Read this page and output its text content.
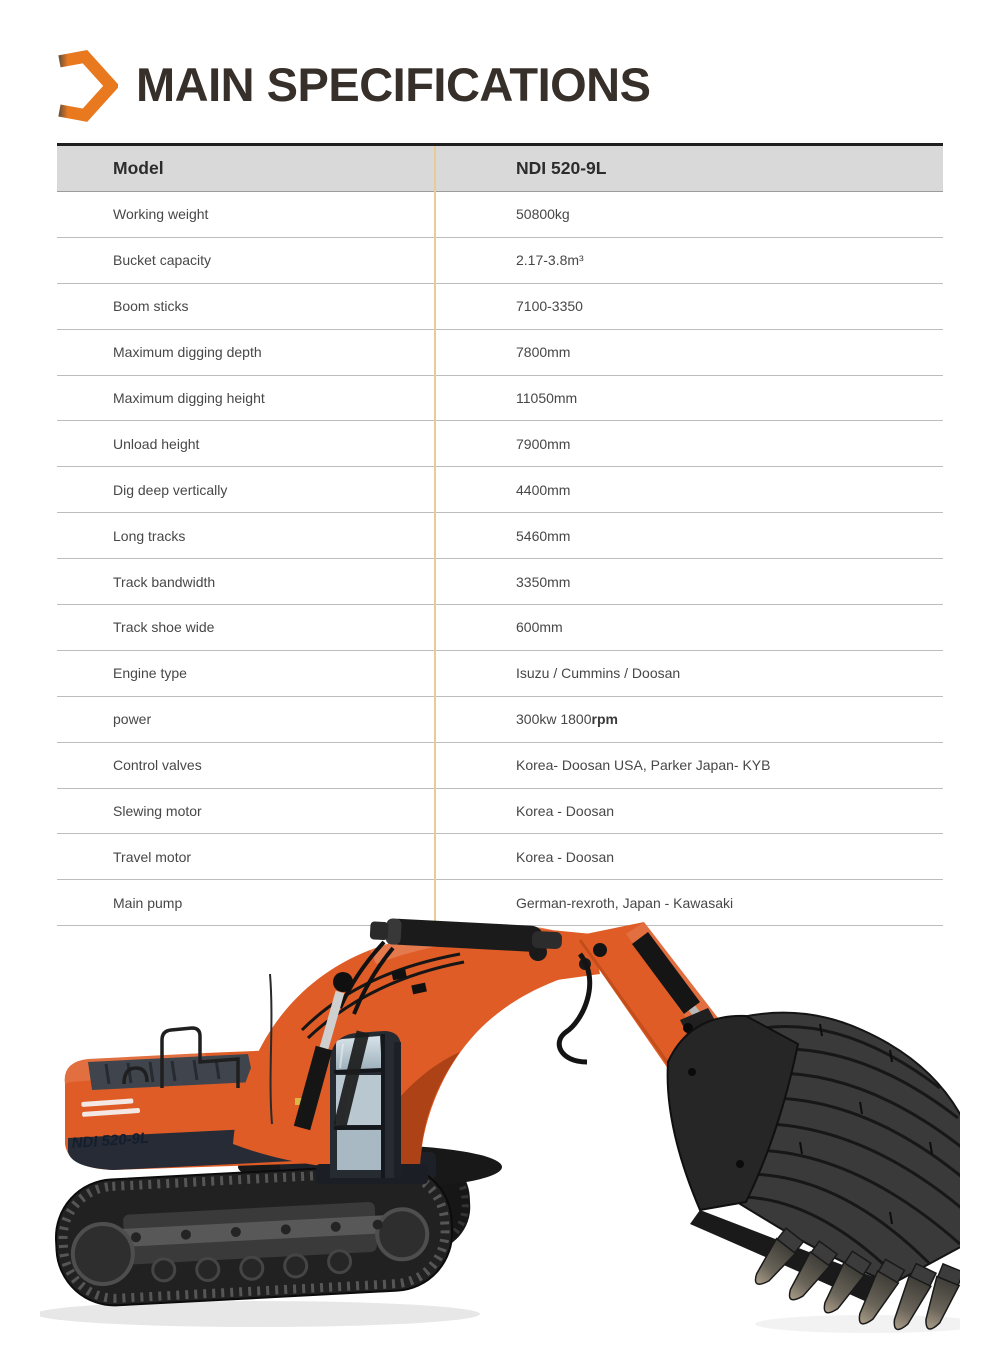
MAIN SPECIFICATIONS
Model	NDI 520-9L
Working weight	50800kg
Bucket capacity	2.17-3.8m³
Boom sticks	7100-3350
Maximum digging depth	7800mm
Maximum digging height	11050mm
Unload height	7900mm
Dig deep vertically	4400mm
Long tracks	5460mm
Track bandwidth	3350mm
Track shoe wide	600mm
Engine type	Isuzu / Cummins / Doosan
power	300kw 1800 rpm
Control valves	Korea- Doosan USA, Parker Japan- KYB
Slewing motor	Korea - Doosan
Travel motor	Korea - Doosan
Main pump	German-rexroth, Japan - Kawasaki
NDI 520-9L
